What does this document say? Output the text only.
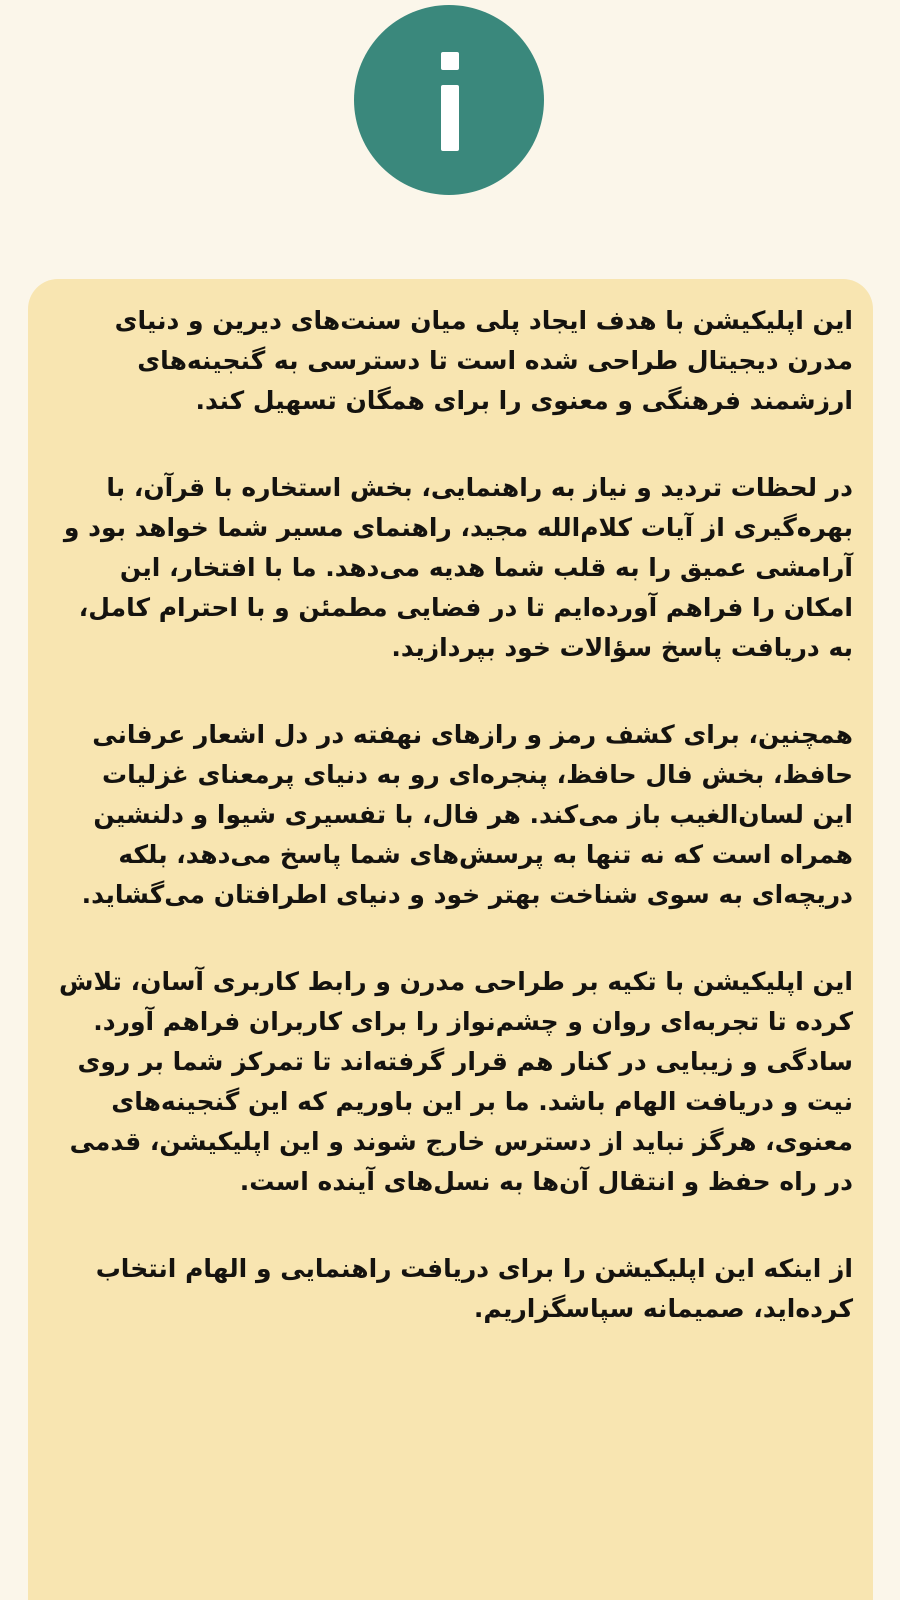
این اپلیکیشن با هدف ایجاد پلی میان سنت‌های دیرین و دنیای مدرن دیجیتال طراحی شده است تا دسترسی به گنجینه‌های ارزشمند فرهنگی و معنوی را برای همگان تسهیل کند.

در لحظات تردید و نیاز به راهنمایی، بخش استخاره با قرآن، با بهره‌گیری از آیات کلام‌الله مجید، راهنمای مسیر شما خواهد بود و آرامشی عمیق را به قلب شما هدیه می‌دهد. ما با افتخار، این امکان را فراهم آورده‌ایم تا در فضایی مطمئن و با احترام کامل، به دریافت پاسخ سؤالات خود بپردازید.

همچنین، برای کشف رمز و رازهای نهفته در دل اشعار عرفانی حافظ، بخش فال حافظ، پنجره‌ای رو به دنیای پرمعنای غزلیات این لسان‌الغیب باز می‌کند. هر فال، با تفسیری شیوا و دلنشین همراه است که نه تنها به پرسش‌های شما پاسخ می‌دهد، بلکه دریچه‌ای به سوی شناخت بهتر خود و دنیای اطرافتان می‌گشاید.

این اپلیکیشن با تکیه بر طراحی مدرن و رابط کاربری آسان، تلاش کرده تا تجربه‌ای روان و چشم‌نواز را برای کاربران فراهم آورد. سادگی و زیبایی در کنار هم قرار گرفته‌اند تا تمرکز شما بر روی نیت و دریافت الهام باشد. ما بر این باوریم که این گنجینه‌های معنوی، هرگز نباید از دسترس خارج شوند و این اپلیکیشن، قدمی در راه حفظ و انتقال آن‌ها به نسل‌های آینده است.

از اینکه این اپلیکیشن را برای دریافت راهنمایی و الهام انتخاب کرده‌اید، صمیمانه سپاسگزاریم.
